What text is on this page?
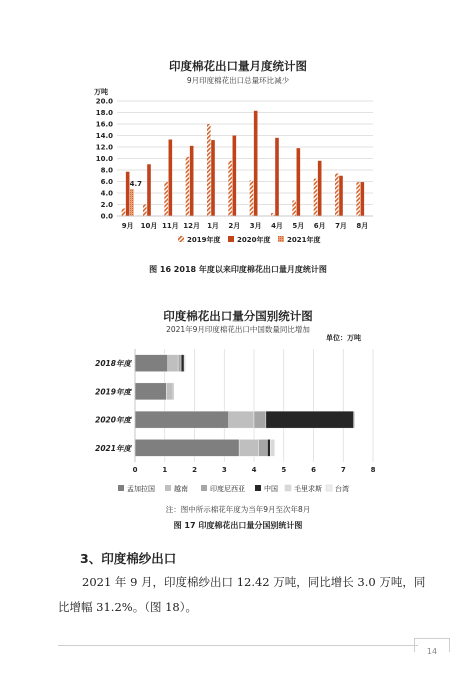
印度棉花出口量月度统计图
9月印度棉花出口总量环比减少
万吨
0.0
2.0
4.0
6.0
8.0
10.0
12.0
14.0
16.0
18.0
20.0
9月 10月 11月 12月 1月 2月 3月 4月 5月 6月 7月 8月
4.7
2019年度 2020年度 2021年度
图 16 2018 年度以来印度棉花出口量月度统计图
印度棉花出口量分国别统计图
2021年9月印度棉花出口中国数量同比增加
单位：万吨
0	1	2	3	4	5	6	7	8
2018年度
2019年度
2020年度
2021年度
孟加拉国	越南	印度尼西亚	中国 毛里求斯 台湾
注：图中所示棉花年度为当年9月至次年8月
图 17 印度棉花出口量分国别统计图
3、印度棉纱出口
2021 年 9 月，印度棉纱出口 12.42 万吨，同比增长 3.0 万吨，同
比增幅 31.2%。（图 18）。
14
